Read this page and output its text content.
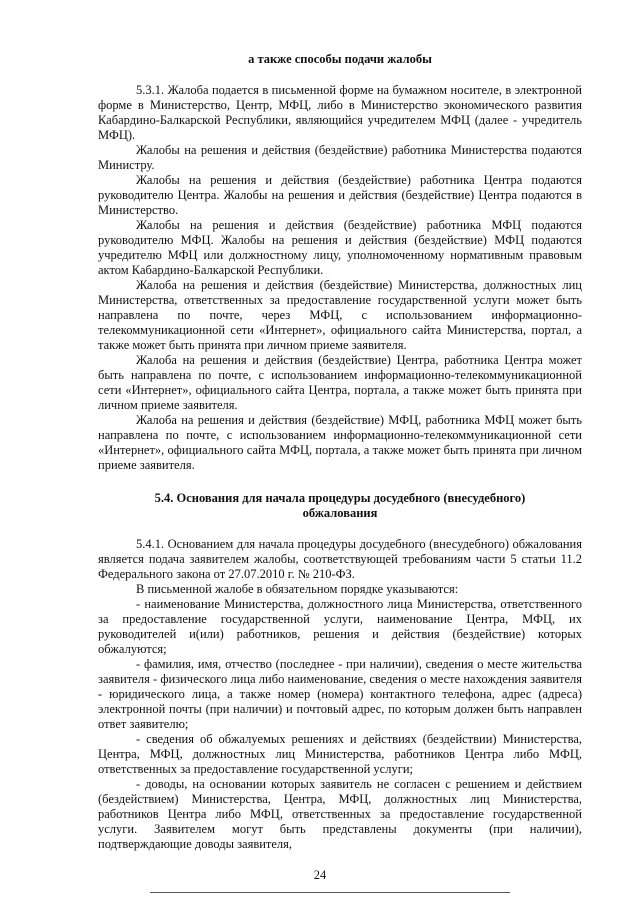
а также способы подачи жалобы

5.3.1. Жалоба подается в письменной форме на бумажном носителе, в электронной форме в Министерство, Центр, МФЦ, либо в Министерство экономического развития Кабардино-Балкарской Республики, являющийся учредителем МФЦ (далее - учредитель МФЦ).

Жалобы на решения и действия (бездействие) работника Министерства подаются Министру.

Жалобы на решения и действия (бездействие) работника Центра подаются руководителю Центра. Жалобы на решения и действия (бездействие) Центра подаются в Министерство.

Жалобы на решения и действия (бездействие) работника МФЦ подаются руководителю МФЦ. Жалобы на решения и действия (бездействие) МФЦ подаются учредителю МФЦ или должностному лицу, уполномоченному нормативным правовым актом Кабардино-Балкарской Республики.

Жалоба на решения и действия (бездействие) Министерства, должностных лиц Министерства, ответственных за предоставление государственной услуги может быть направлена по почте, через МФЦ, с использованием информационно-телекоммуникационной сети «Интернет», официального сайта Министерства, портал, а также может быть принята при личном приеме заявителя.

Жалоба на решения и действия (бездействие) Центра, работника Центра может быть направлена по почте, с использованием информационно-телекоммуникационной сети «Интернет», официального сайта Центра, портала, а также может быть принята при личном приеме заявителя.

Жалоба на решения и действия (бездействие) МФЦ, работника МФЦ может быть направлена по почте, с использованием информационно-телекоммуникационной сети «Интернет», официального сайта МФЦ, портала, а также может быть принята при личном приеме заявителя.

5.4. Основания для начала процедуры досудебного (внесудебного)
обжалования

5.4.1. Основанием для начала процедуры досудебного (внесудебного) обжалования является подача заявителем жалобы, соответствующей требованиям части 5 статьи 11.2 Федерального закона от 27.07.2010 г. № 210-ФЗ.

В письменной жалобе в обязательном порядке указываются:

- наименование Министерства, должностного лица Министерства, ответственного за предоставление государственной услуги, наименование Центра, МФЦ, их руководителей и(или) работников, решения и действия (бездействие) которых обжалуются;

- фамилия, имя, отчество (последнее - при наличии), сведения о месте жительства заявителя - физического лица либо наименование, сведения о месте нахождения заявителя - юридического лица, а также номер (номера) контактного телефона, адрес (адреса) электронной почты (при наличии) и почтовый адрес, по которым должен быть направлен ответ заявителю;

- сведения об обжалуемых решениях и действиях (бездействии) Министерства, Центра, МФЦ, должностных лиц Министерства, работников Центра либо МФЦ, ответственных за предоставление государственной услуги;

- доводы, на основании которых заявитель не согласен с решением и действием (бездействием) Министерства, Центра, МФЦ, должностных лиц Министерства, работников Центра либо МФЦ, ответственных за предоставление государственной услуги. Заявителем могут быть представлены документы (при наличии), подтверждающие доводы заявителя,

24
